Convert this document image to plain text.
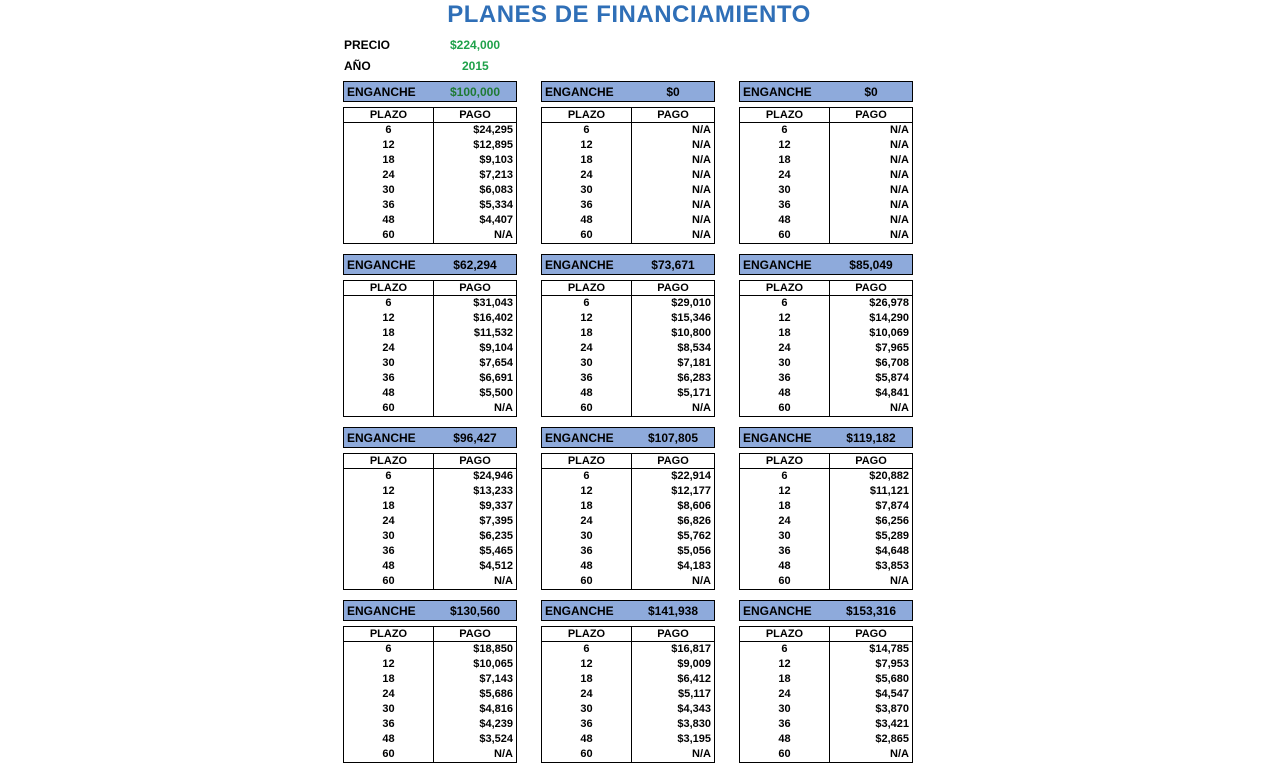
PLANES DE FINANCIAMIENTO
PRECIO	$224,000
AÑO	2015
ENGANCHE	$100,000
PLAZO	PAGO
6	$24,295
12	$12,895
18	$9,103
24	$7,213
30	$6,083
36	$5,334
48	$4,407
60	N/A
ENGANCHE	$0
PLAZO	PAGO
6	N/A
12	N/A
18	N/A
24	N/A
30	N/A
36	N/A
48	N/A
60	N/A
ENGANCHE	$0
PLAZO	PAGO
6	N/A
12	N/A
18	N/A
24	N/A
30	N/A
36	N/A
48	N/A
60	N/A
ENGANCHE	$62,294
PLAZO	PAGO
6	$31,043
12	$16,402
18	$11,532
24	$9,104
30	$7,654
36	$6,691
48	$5,500
60	N/A
ENGANCHE	$73,671
PLAZO	PAGO
6	$29,010
12	$15,346
18	$10,800
24	$8,534
30	$7,181
36	$6,283
48	$5,171
60	N/A
ENGANCHE	$85,049
PLAZO	PAGO
6	$26,978
12	$14,290
18	$10,069
24	$7,965
30	$6,708
36	$5,874
48	$4,841
60	N/A
ENGANCHE	$96,427
PLAZO	PAGO
6	$24,946
12	$13,233
18	$9,337
24	$7,395
30	$6,235
36	$5,465
48	$4,512
60	N/A
ENGANCHE	$107,805
PLAZO	PAGO
6	$22,914
12	$12,177
18	$8,606
24	$6,826
30	$5,762
36	$5,056
48	$4,183
60	N/A
ENGANCHE	$119,182
PLAZO	PAGO
6	$20,882
12	$11,121
18	$7,874
24	$6,256
30	$5,289
36	$4,648
48	$3,853
60	N/A
ENGANCHE	$130,560
PLAZO	PAGO
6	$18,850
12	$10,065
18	$7,143
24	$5,686
30	$4,816
36	$4,239
48	$3,524
60	N/A
ENGANCHE	$141,938
PLAZO	PAGO
6	$16,817
12	$9,009
18	$6,412
24	$5,117
30	$4,343
36	$3,830
48	$3,195
60	N/A
ENGANCHE	$153,316
PLAZO	PAGO
6	$14,785
12	$7,953
18	$5,680
24	$4,547
30	$3,870
36	$3,421
48	$2,865
60	N/A
